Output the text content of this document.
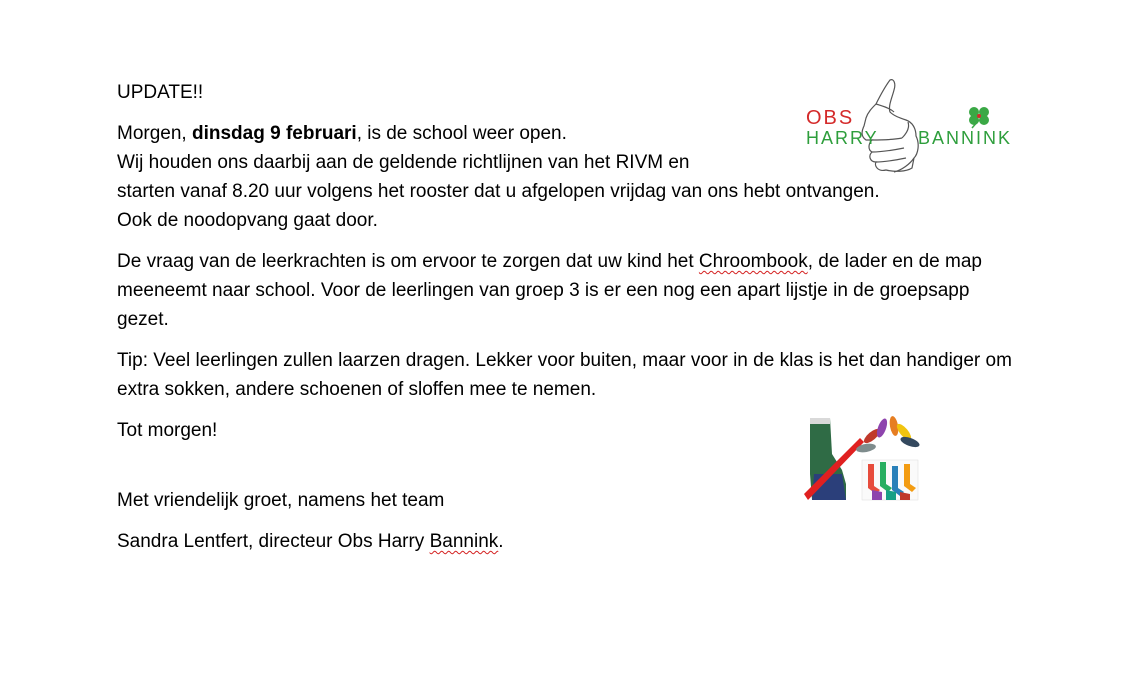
UPDATE!!

Morgen, dinsdag 9 februari, is de school weer open.

Wij houden ons daarbij aan de geldende richtlijnen van het RIVM en

starten vanaf 8.20 uur volgens het rooster dat u afgelopen vrijdag van ons hebt ontvangen.

Ook de noodopvang gaat door.

De vraag van de leerkrachten is om ervoor te zorgen dat uw kind het Chroombook, de lader en de map meeneemt naar school. Voor de leerlingen van groep 3 is er een nog een apart lijstje in de groepsapp gezet.

Tip: Veel leerlingen zullen laarzen dragen. Lekker voor buiten, maar voor in de klas is het dan handiger om extra sokken, andere schoenen of sloffen mee te nemen.

Tot morgen!

Met vriendelijk groet, namens het team

Sandra Lentfert, directeur Obs Harry Bannink.

OBS
HARRY BANNINK
